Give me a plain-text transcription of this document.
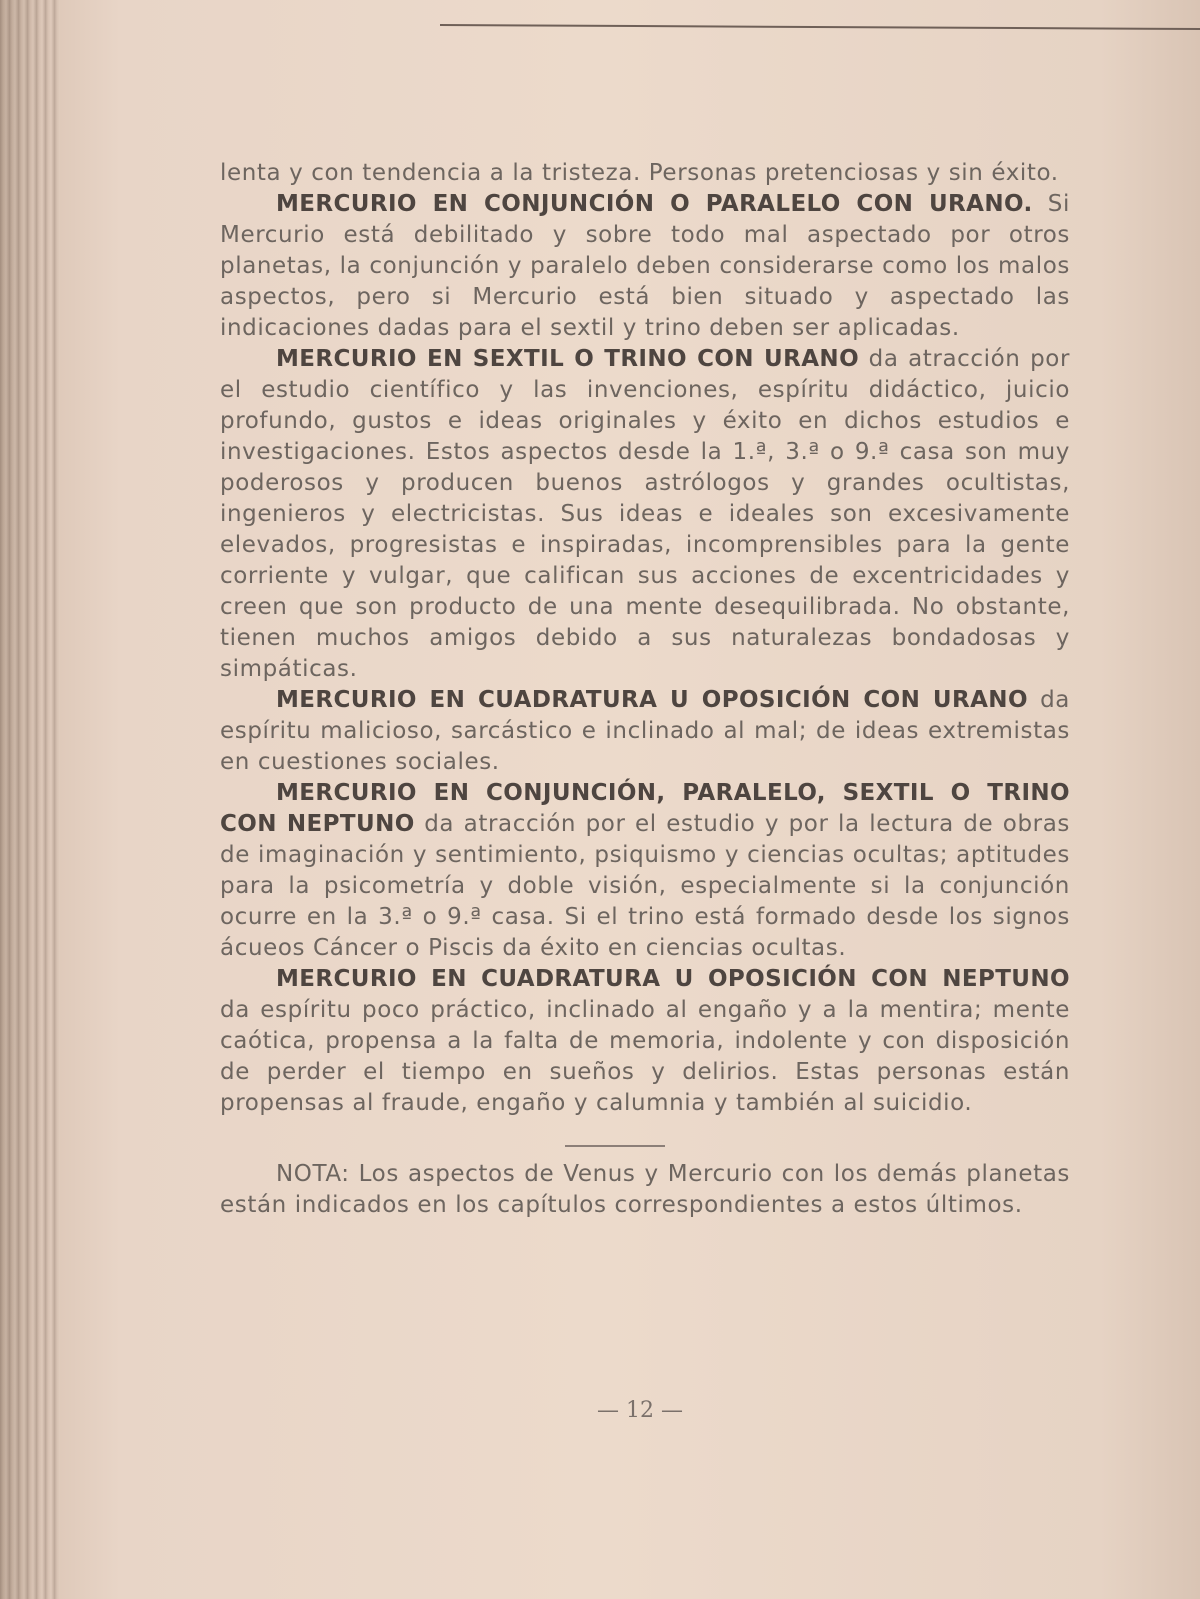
lenta y con tendencia a la tristeza. Personas pretenciosas y sin éxito.

MERCURIO EN CONJUNCIÓN O PARALELO CON URANO. Si Mercurio está debilitado y sobre todo mal aspectado por otros planetas, la conjunción y paralelo deben considerarse como los malos aspectos, pero si Mercurio está bien situado y aspectado las indicaciones dadas para el sextil y trino deben ser aplicadas.

MERCURIO EN SEXTIL O TRINO CON URANO da atracción por el estudio científico y las invenciones, espíritu didáctico, juicio profundo, gustos e ideas originales y éxito en dichos estudios e investigaciones. Estos aspectos desde la 1.ª, 3.ª o 9.ª casa son muy poderosos y producen buenos astrólogos y grandes ocultistas, ingenieros y electricistas. Sus ideas e ideales son excesivamente elevados, progresistas e inspiradas, incomprensibles para la gente corriente y vulgar, que califican sus acciones de excentricidades y creen que son producto de una mente desequilibrada. No obstante, tienen muchos amigos debido a sus naturalezas bondadosas y simpáticas.

MERCURIO EN CUADRATURA U OPOSICIÓN CON URANO da espíritu malicioso, sarcástico e inclinado al mal; de ideas extremistas en cuestiones sociales.

MERCURIO EN CONJUNCIÓN, PARALELO, SEXTIL O TRINO CON NEPTUNO da atracción por el estudio y por la lectura de obras de imaginación y sentimiento, psiquismo y ciencias ocultas; aptitudes para la psicometría y doble visión, especialmente si la conjunción ocurre en la 3.ª o 9.ª casa. Si el trino está formado desde los signos ácueos Cáncer o Piscis da éxito en ciencias ocultas.

MERCURIO EN CUADRATURA U OPOSICIÓN CON NEPTUNO da espíritu poco práctico, inclinado al engaño y a la mentira; mente caótica, propensa a la falta de memoria, indolente y con disposición de perder el tiempo en sueños y delirios. Estas personas están propensas al fraude, engaño y calumnia y también al suicidio.

NOTA: Los aspectos de Venus y Mercurio con los demás planetas están indicados en los capítulos correspondientes a estos últimos.

— 12 —
